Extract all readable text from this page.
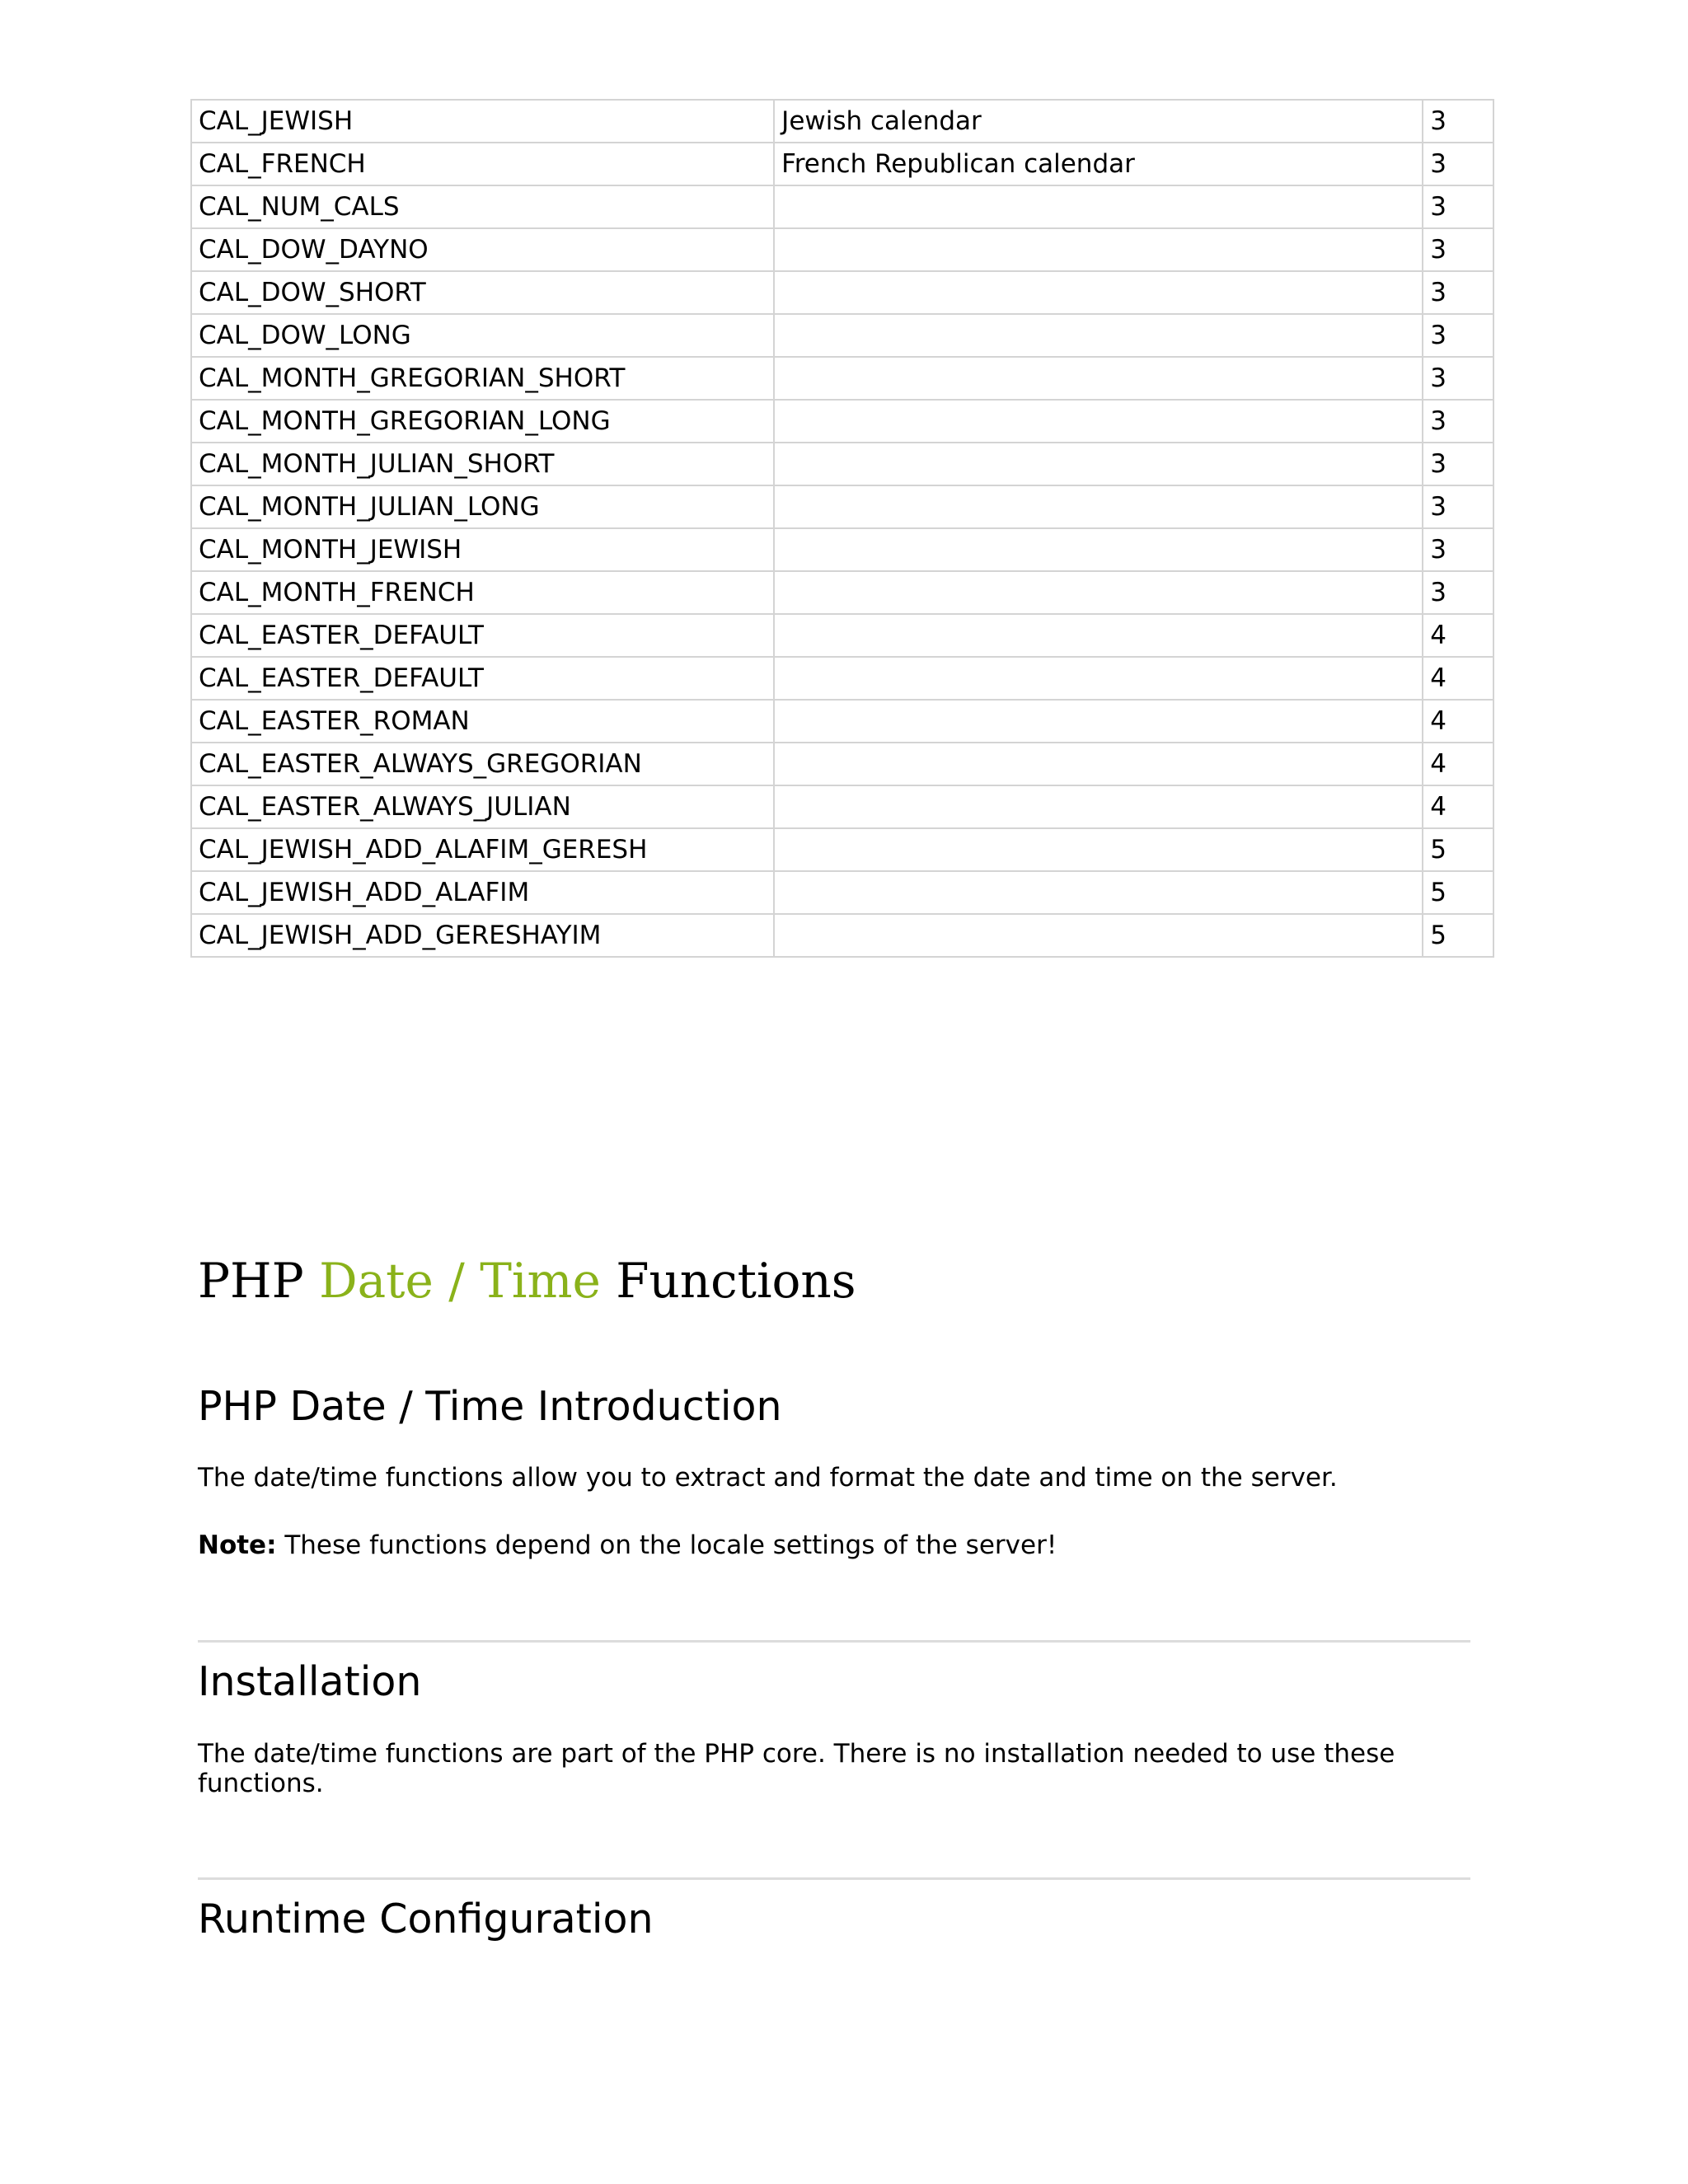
CAL_JEWISH	Jewish calendar	3
CAL_FRENCH	French Republican calendar	3
CAL_NUM_CALS		3
CAL_DOW_DAYNO		3
CAL_DOW_SHORT		3
CAL_DOW_LONG		3
CAL_MONTH_GREGORIAN_SHORT		3
CAL_MONTH_GREGORIAN_LONG		3
CAL_MONTH_JULIAN_SHORT		3
CAL_MONTH_JULIAN_LONG		3
CAL_MONTH_JEWISH		3
CAL_MONTH_FRENCH		3
CAL_EASTER_DEFAULT		4
CAL_EASTER_DEFAULT		4
CAL_EASTER_ROMAN		4
CAL_EASTER_ALWAYS_GREGORIAN		4
CAL_EASTER_ALWAYS_JULIAN		4
CAL_JEWISH_ADD_ALAFIM_GERESH		5
CAL_JEWISH_ADD_ALAFIM		5
CAL_JEWISH_ADD_GERESHAYIM		5
PHP Date / Time Functions
PHP Date / Time Introduction

The date/time functions allow you to extract and format the date and time on the server.

Note: These functions depend on the locale settings of the server!

Installation

The date/time functions are part of the PHP core. There is no installation needed to use these functions.

Runtime Configuration
